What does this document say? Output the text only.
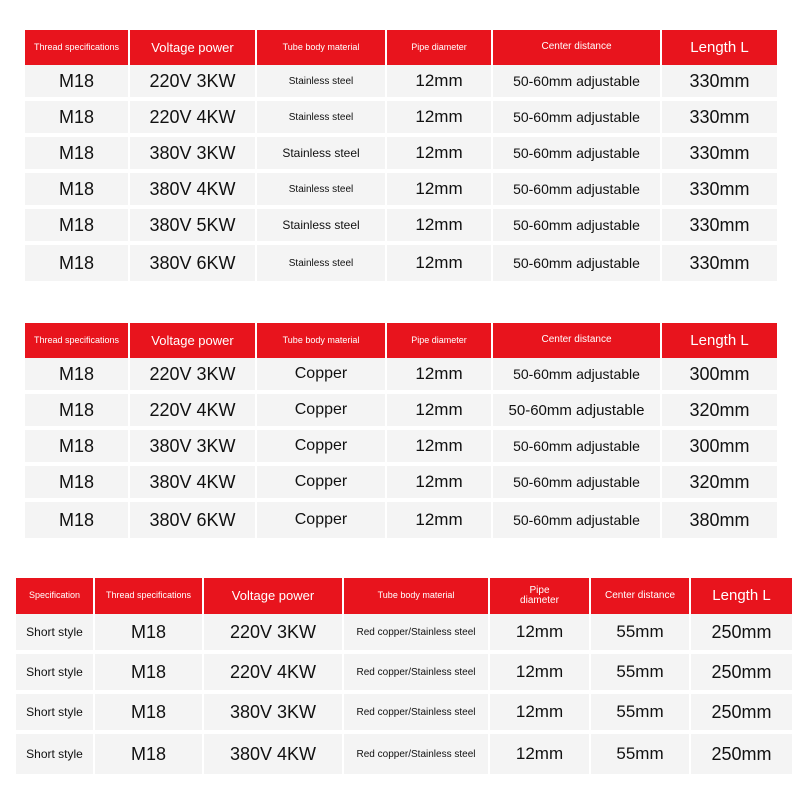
Thread specifications	Voltage power	Tube body material	Pipe diameter	Center distance	Length L
M18	220V 3KW	Stainless steel	12mm	50-60mm adjustable	330mm
M18	220V 4KW	Stainless steel	12mm	50-60mm adjustable	330mm
M18	380V 3KW	Stainless steel	12mm	50-60mm adjustable	330mm
M18	380V 4KW	Stainless steel	12mm	50-60mm adjustable	330mm
M18	380V 5KW	Stainless steel	12mm	50-60mm adjustable	330mm
M18	380V 6KW	Stainless steel	12mm	50-60mm adjustable	330mm
Thread specifications	Voltage power	Tube body material	Pipe diameter	Center distance	Length L
M18	220V 3KW	Copper	12mm	50-60mm adjustable	300mm
M18	220V 4KW	Copper	12mm	50-60mm adjustable	320mm
M18	380V 3KW	Copper	12mm	50-60mm adjustable	300mm
M18	380V 4KW	Copper	12mm	50-60mm adjustable	320mm
M18	380V 6KW	Copper	12mm	50-60mm adjustable	380mm
Specification	Thread specifications	Voltage power	Tube body material	Pipe diameter	Center distance	Length L
Short style	M18	220V 3KW	Red copper/Stainless steel	12mm	55mm	250mm
Short style	M18	220V 4KW	Red copper/Stainless steel	12mm	55mm	250mm
Short style	M18	380V 3KW	Red copper/Stainless steel	12mm	55mm	250mm
Short style	M18	380V 4KW	Red copper/Stainless steel	12mm	55mm	250mm
